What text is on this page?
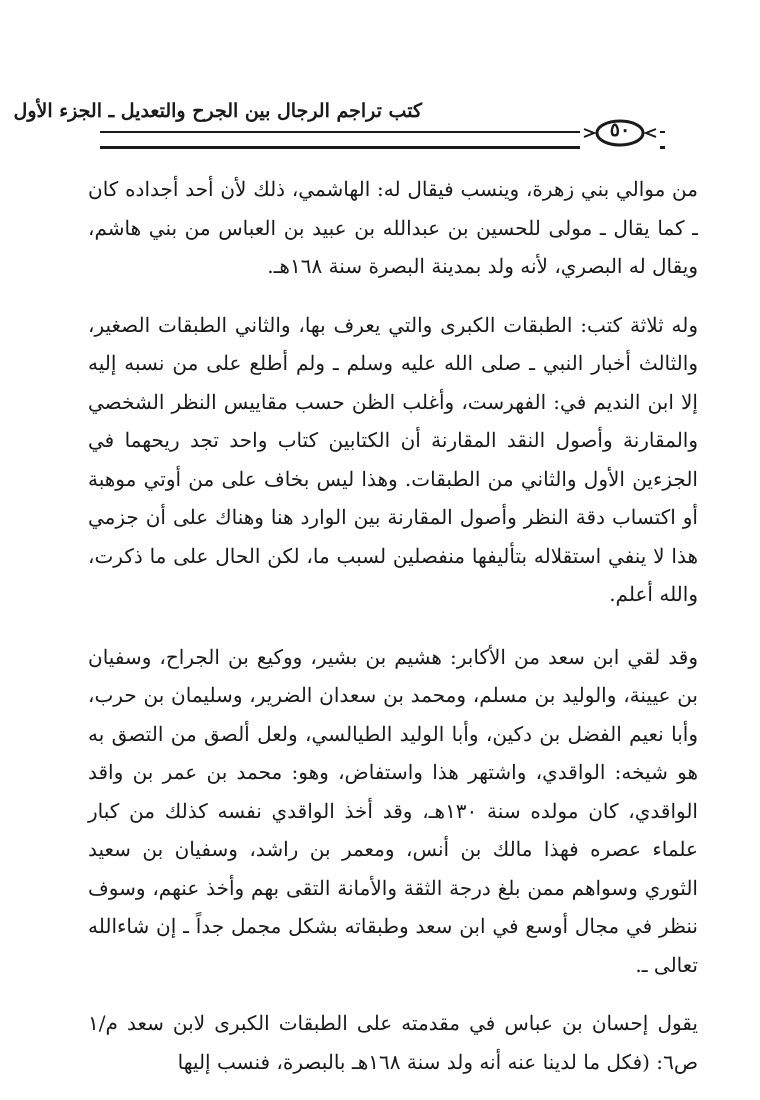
كتب تراجم الرجال بين الجرح والتعديل ـ الجزء الأول
٥٠

من موالي بني زهرة، وينسب فيقال له: الهاشمي، ذلك لأن أحد أجداده كان ـ كما يقال ـ مولى للحسين بن عبدالله بن عبيد بن العباس من بني هاشم، ويقال له البصري، لأنه ولد بمدينة البصرة سنة ١٦٨هـ.

وله ثلاثة كتب: الطبقات الكبرى والتي يعرف بها، والثاني الطبقات الصغير، والثالث أخبار النبي ـ صلى الله عليه وسلم ـ ولم أطلع على من نسبه إليه إلا ابن النديم في: الفهرست، وأغلب الظن حسب مقاييس النظر الشخصي والمقارنة وأصول النقد المقارنة أن الكتابين كتاب واحد تجد ريحهما في الجزءين الأول والثاني من الطبقات. وهذا ليس بخاف على من أوتي موهبة أو اكتساب دقة النظر وأصول المقارنة بين الوارد هنا وهناك على أن جزمي هذا لا ينفي استقلاله بتأليفها منفصلين لسبب ما، لكن الحال على ما ذكرت، والله أعلم.

وقد لقي ابن سعد من الأكابر: هشيم بن بشير، ووكيع بن الجراح، وسفيان بن عيينة، والوليد بن مسلم، ومحمد بن سعدان الضرير، وسليمان بن حرب، وأبا نعيم الفضل بن دكين، وأبا الوليد الطيالسي، ولعل ألصق من التصق به هو شيخه: الواقدي، واشتهر هذا واستفاض، وهو: محمد بن عمر بن واقد الواقدي، كان مولده سنة ١٣٠هـ، وقد أخذ الواقدي نفسه كذلك من كبار علماء عصره فهذا مالك بن أنس، ومعمر بن راشد، وسفيان بن سعيد الثوري وسواهم ممن بلغ درجة الثقة والأمانة التقى بهم وأخذ عنهم، وسوف ننظر في مجال أوسع في ابن سعد وطبقاته بشكل مجمل جداً ـ إن شاءالله تعالى ـ.

يقول إحسان بن عباس في مقدمته على الطبقات الكبرى لابن سعد م/١ ص٦: (فكل ما لدينا عنه أنه ولد سنة ١٦٨هـ بالبصرة، فنسب إليها
